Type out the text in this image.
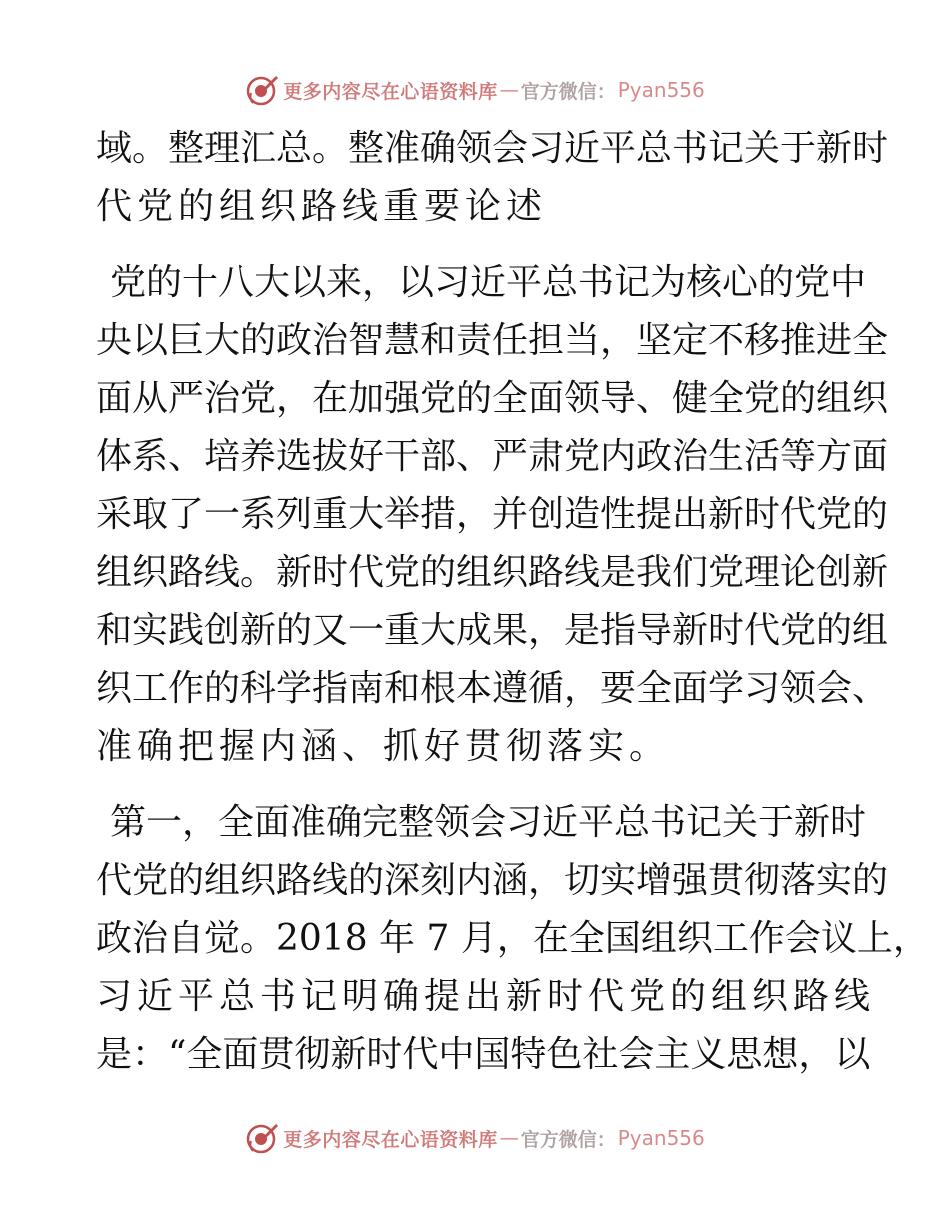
更多内容尽在心语资料库 — 官方微信： Pyan556
域。整理汇总。整准确领会习近平总书记关于新时
代党的组织路线重要论述
党的十八大以来，以习近平总书记为核心的党中
央以巨大的政治智慧和责任担当，坚定不移推进全
面从严治党，在加强党的全面领导、健全党的组织
体系、培养选拔好干部、严肃党内政治生活等方面
采取了一系列重大举措，并创造性提出新时代党的
组织路线。新时代党的组织路线是我们党理论创新
和实践创新的又一重大成果，是指导新时代党的组
织工作的科学指南和根本遵循，要全面学习领会、
准确把握内涵、抓好贯彻落实。
第一，全面准确完整领会习近平总书记关于新时
代党的组织路线的深刻内涵，切实增强贯彻落实的
政治自觉。2018 年 7 月，在全国组织工作会议上，
习近平总书记明确提出新时代党的组织路线
是：“全面贯彻新时代中国特色社会主义思想，以
更多内容尽在心语资料库 — 官方微信： Pyan556
